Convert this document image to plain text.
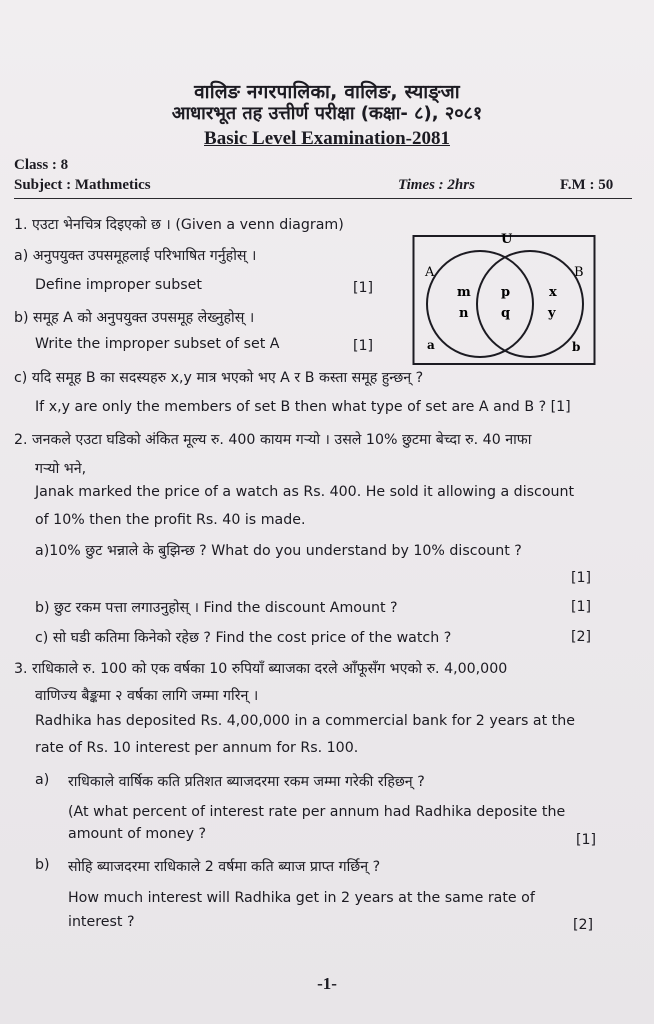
वालिङ नगरपालिका, वालिङ, स्याङ्जा
आधारभूत तह उत्तीर्ण परीक्षा (कक्षा- ८), २०८१
Basic Level Examination-2081
Class : 8
Subject : Mathmetics	Times : 2hrs	F.M : 50
1. एउटा भेनचित्र दिइएको छ । (Given a venn diagram)
a) अनुपयुक्त उपसमूहलाई परिभाषित गर्नुहोस् ।
Define improper subset	[1]
b) समूह A को अनुपयुक्त उपसमूह लेख्नुहोस् ।
Write the improper subset of set A	[1]
U
A	B
m
n
p
q
x
y
a	b
c) यदि समूह B का सदस्यहरु x,y मात्र भएको भए A र B कस्ता समूह हुन्छन् ?
If x,y are only the members of set B then what type of set are A and B ? [1]
2. जनकले एउटा घडिको अंकित मूल्य रु. 400 कायम गर्‍यो । उसले 10% छुटमा बेच्दा रु. 40 नाफा
गर्‍यो भने,
Janak marked the price of a watch as Rs. 400. He sold it allowing a discount
of 10% then the profit Rs. 40 is made.
a)10% छुट भन्नाले के बुझिन्छ ? What do you understand by 10% discount ?
[1]
b) छुट रकम पत्ता लगाउनुहोस् । Find the discount Amount ?	[1]
c) सो घडी कतिमा किनेको रहेछ ? Find the cost price of the watch ?	[2]
3. राधिकाले रु. 100 को एक वर्षका 10 रुपियाँ ब्याजका दरले आँफूसँग भएको रु. 4,00,000
वाणिज्य बैङ्कमा २ वर्षका लागि जम्मा गरिन् ।
Radhika has deposited Rs. 4,00,000 in a commercial bank for 2 years at the
rate of Rs. 10 interest per annum for Rs. 100.
a) राधिकाले वार्षिक कति प्रतिशत ब्याजदरमा रकम जम्मा गरेकी रहिछन् ?
(At what percent of interest rate per annum had Radhika deposite the
amount of money ?	[1]
b) सोहि ब्याजदरमा राधिकाले 2 वर्षमा कति ब्याज प्राप्त गर्छिन् ?
How much interest will Radhika get in 2 years at the same rate of
interest ?	[2]
-1-
